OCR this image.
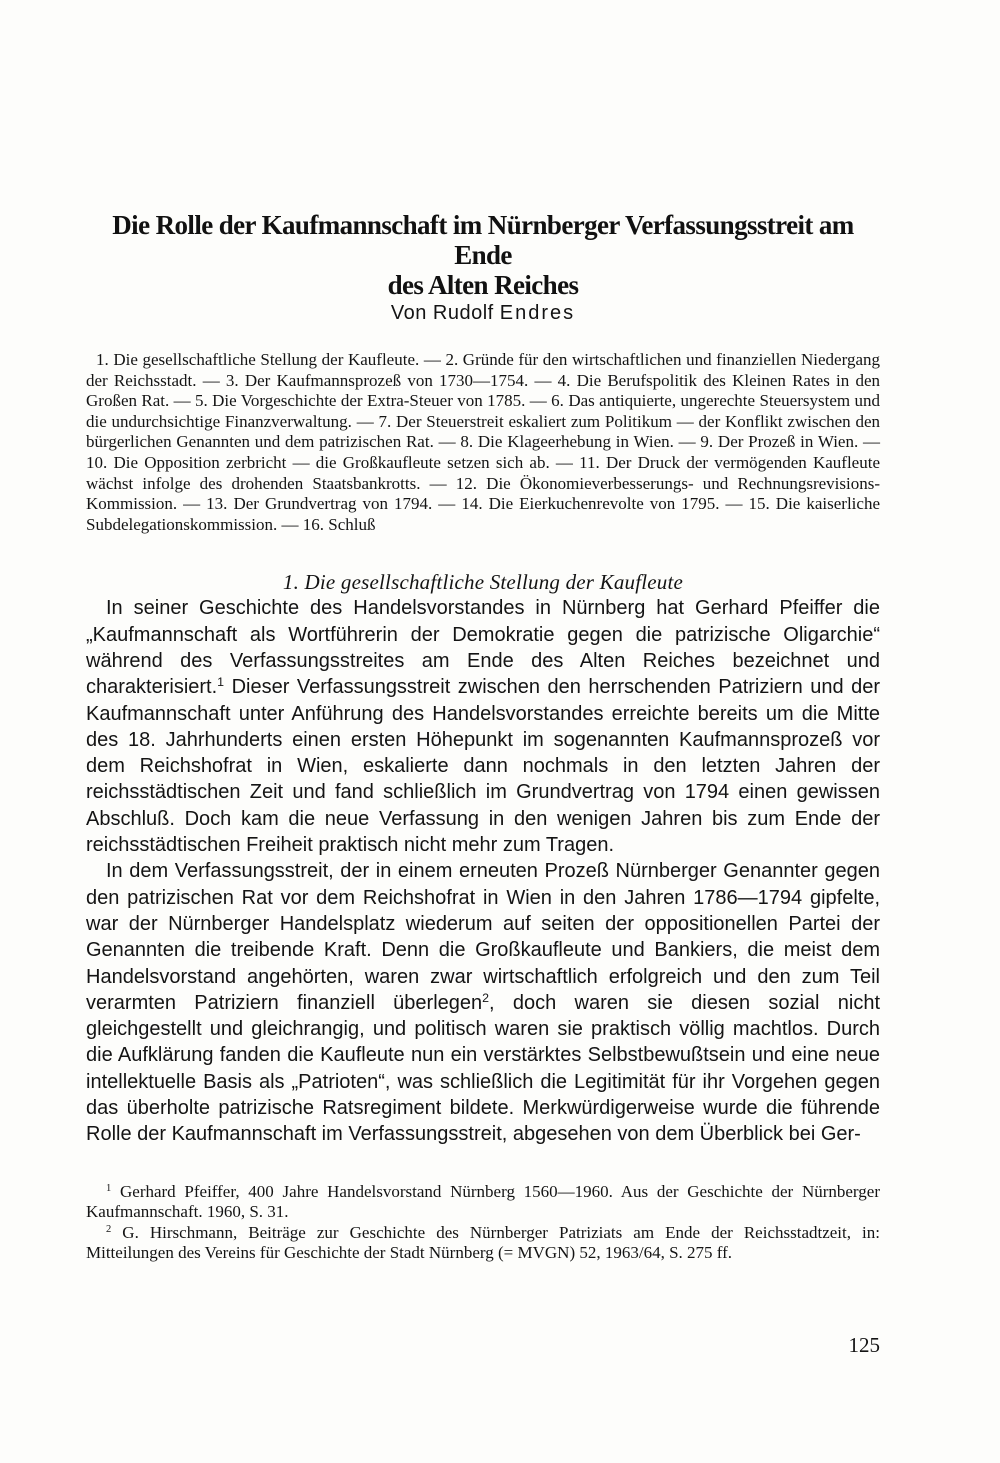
Die Rolle der Kaufmannschaft im Nürnberger Verfassungsstreit am Ende
des Alten Reiches
Von Rudolf Endres
1. Die gesellschaftliche Stellung der Kaufleute. — 2. Gründe für den wirtschaftlichen und finanziellen Niedergang der Reichsstadt. — 3. Der Kaufmannsprozeß von 1730—1754. — 4. Die Berufspolitik des Kleinen Rates in den Großen Rat. — 5. Die Vorgeschichte der Extra-Steuer von 1785. — 6. Das antiquierte, ungerechte Steuersystem und die undurchsichtige Finanzverwaltung. — 7. Der Steuerstreit eskaliert zum Politikum — der Konflikt zwischen den bürgerlichen Genannten und dem patrizischen Rat. — 8. Die Klageerhebung in Wien. — 9. Der Prozeß in Wien. — 10. Die Opposition zerbricht — die Großkaufleute setzen sich ab. — 11. Der Druck der vermögenden Kaufleute wächst infolge des drohenden Staatsbankrotts. — 12. Die Ökonomieverbesserungs- und Rechnungsrevisions-Kommission. — 13. Der Grundvertrag von 1794. — 14. Die Eierkuchenrevolte von 1795. — 15. Die kaiserliche Subdelegationskommission. — 16. Schluß
1. Die gesellschaftliche Stellung der Kaufleute

In seiner Geschichte des Handelsvorstandes in Nürnberg hat Gerhard Pfeiffer die „Kaufmannschaft als Wortführerin der Demokratie gegen die patrizische Oligarchie“ während des Verfassungsstreites am Ende des Alten Reiches bezeichnet und charakterisiert.$^1$ Dieser Verfassungsstreit zwischen den herrschenden Patriziern und der Kaufmannschaft unter Anführung des Handelsvorstandes erreichte bereits um die Mitte des 18. Jahrhunderts einen ersten Höhepunkt im sogenannten Kaufmannsprozeß vor dem Reichshofrat in Wien, eskalierte dann nochmals in den letzten Jahren der reichsstädtischen Zeit und fand schließlich im Grundvertrag von 1794 einen gewissen Abschluß. Doch kam die neue Verfassung in den wenigen Jahren bis zum Ende der reichsstädtischen Freiheit praktisch nicht mehr zum Tragen.

In dem Verfassungsstreit, der in einem erneuten Prozeß Nürnberger Genannter gegen den patrizischen Rat vor dem Reichshofrat in Wien in den Jahren 1786—1794 gipfelte, war der Nürnberger Handelsplatz wiederum auf seiten der oppositionellen Partei der Genannten die treibende Kraft. Denn die Großkaufleute und Bankiers, die meist dem Handelsvorstand angehörten, waren zwar wirtschaftlich erfolgreich und den zum Teil verarmten Patriziern finanziell überlegen$^2$, doch waren sie diesen sozial nicht gleichgestellt und gleichrangig, und politisch waren sie praktisch völlig machtlos. Durch die Aufklärung fanden die Kaufleute nun ein verstärktes Selbstbewußtsein und eine neue intellektuelle Basis als „Patrioten“, was schließlich die Legitimität für ihr Vorgehen gegen das überholte patrizische Ratsregiment bildete. Merkwürdigerweise wurde die führende Rolle der Kaufmannschaft im Verfassungsstreit, abgesehen von dem Überblick bei Ger-

$^1$ Gerhard Pfeiffer, 400 Jahre Handelsvorstand Nürnberg 1560—1960. Aus der Geschichte der Nürnberger Kaufmannschaft. 1960, S. 31.

$^2$ G. Hirschmann, Beiträge zur Geschichte des Nürnberger Patriziats am Ende der Reichsstadtzeit, in: Mitteilungen des Vereins für Geschichte der Stadt Nürnberg (= MVGN) 52, 1963/64, S. 275 ff.

125
